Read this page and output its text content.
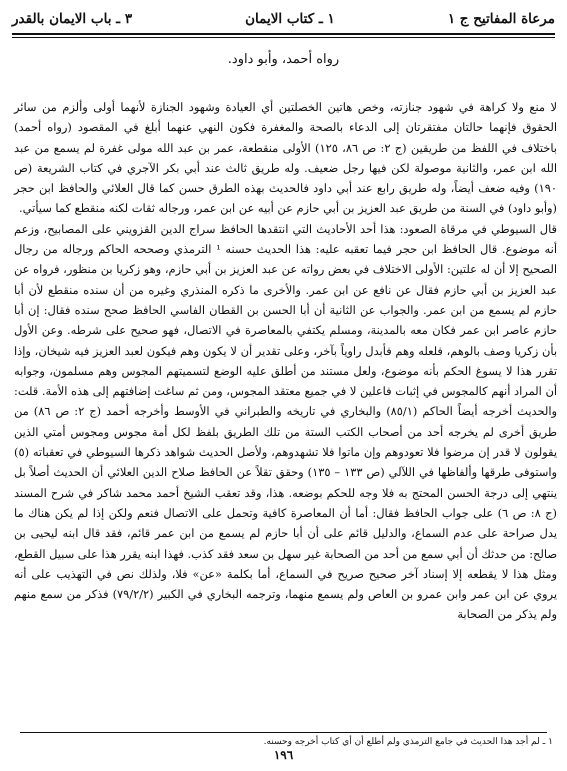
مرعاة المفاتيح ج ١
١ ـ كتاب الايمان
٣ ـ باب الايمان بالقدر
رواه أحمد، وأبو داود.

لا منع ولا كراهة في شهود جنازته، وخص هاتين الخصلتين أي العيادة وشهود الجنازة لأنهما أولى وألزم من سائر الحقوق فإنهما حالتان مفتقرتان إلى الدعاء بالصحة والمغفرة فكون النهي عنهما أبلغ في المقصود (رواه أحمد) باختلاف في اللفظ من طريقين (ج ٢: ص ٨٦، ١٢٥) الأولى منقطعة، عمر بن عبد الله مولى غفرة لم يسمع من عبد الله ابن عمر، والثانية موصولة لكن فيها رجل ضعيف. وله طريق ثالث عند أبي بكر الآجري في كتاب الشريعة (ص ١٩٠) وفيه ضعف أيضاً، وله طريق رابع عند أبي داود فالحديث بهذه الطرق حسن كما قال العلائي والحافظ ابن حجر (وأبو داود) في السنة من طريق عبد العزيز بن أبي حازم عن أبيه عن ابن عمر، ورجاله ثقات لكنه منقطع كما سيأتي.

قال السيوطي في مرقاة الصعود: هذا أحد الأحاديث التي انتقدها الحافظ سراج الدين القزويني على المصابيح، وزعم أنه موضوع. قال الحافظ ابن حجر فيما تعقبه عليه: هذا الحديث حسنه ¹ الترمذي وصححه الحاكم ورجاله من رجال الصحيح إلا أن له علتين: الأولى الاختلاف في بعض رواته عن عبد العزيز بن أبي حازم، وهو زكريا بن منظور، فرواه عن عبد العزيز بن أبي حازم فقال عن نافع عن ابن عمر. والأخرى ما ذكره المنذري وغيره من أن سنده منقطع لأن أبا حازم لم يسمع من ابن عمر. والجواب عن الثانية أن أبا الحسن بن القطان الفاسي الحافظ صحح سنده فقال: إن أبا حازم عاصر ابن عمر فكان معه بالمدينة، ومسلم يكتفي بالمعاصرة في الاتصال، فهو صحيح على شرطه. وعن الأول بأن زكريا وصف بالوهم، فلعله وهم فأبدل راوياً بآخر، وعلى تقدير أن لا يكون وهم فيكون لعبد العزيز فيه شيخان، وإذا تقرر هذا لا يسوغ الحكم بأنه موضوع، ولعل مستند من أطلق عليه الوضع لتسميتهم المجوس وهم مسلمون، وجوابه أن المراد أنهم كالمجوس في إثبات فاعلين لا في جميع معتقد المجوس، ومن ثم ساغت إضافتهم إلى هذه الأمة. قلت: والحديث أخرجه أيضاً الحاكم (٨٥/١) والبخاري في تاريخه والطبراني في الأوسط وأخرجه أحمد (ج ٢: ص ٨٦) من طريق أخرى لم يخرجه أحد من أصحاب الكتب الستة من تلك الطريق بلفظ لكل أمة مجوس ومجوس أمتي الذين يقولون لا قدر إن مرضوا فلا تعودوهم وإن ماتوا فلا تشهدوهم، ولأصل الحديث شواهد ذكرها السيوطي في تعقباته (٥) واستوفى طرقها وألفاظها في اللآلي (ص ١٣٣ – ١٣٥) وحقق تقلاً عن الحافظ صلاح الدين العلائي أن الحديث أصلاً بل ينتهي إلى درجة الحسن المحتج به فلا وجه للحكم بوضعه. هذا، وقد تعقب الشيخ أحمد محمد شاكر في شرح المسند (ج ٨: ص ٦) على جواب الحافظ فقال: أما أن المعاصرة كافية وتحمل على الاتصال فنعم ولكن إذا لم يكن هناك ما يدل صراحة على عدم السماع، والدليل قائم على أن أبا حازم لم يسمع من ابن عمر قائم، فقد قال ابنه ليحيى بن صالح: من حدثك أن أبي سمع من أحد من الصحابة غير سهل بن سعد فقد كذب. فهذا ابنه يقرر هذا على سبيل القطع، ومثل هذا لا يقطعه إلا إسناد آخر صحيح صريح في السماع، أما بكلمة «عن» فلا، ولذلك نص في التهذيب على أنه يروي عن ابن عمر وابن عمرو بن العاص ولم يسمع منهما، وترجمه البخاري في الكبير (٧٩/٢/٢) فذكر من سمع منهم ولم يذكر من الصحابة

١ ـ لم أجد هذا الحديث في جامع الترمذي ولم أطلع أن أي كتاب أخرجه وحسنه.
١٩٦
